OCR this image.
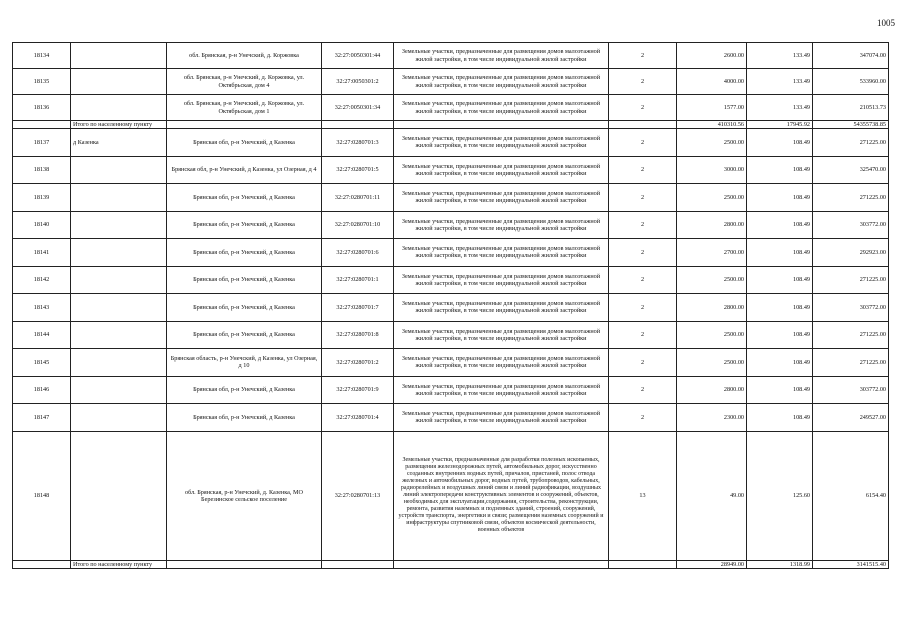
1005
18134		обл. Брянская, р-н Унечский, д. Коржовка	32:27:0050301:44	Земельные участки, предназначенные для размещения домов малоэтажной жилой застройки, в том числе индивидуальной жилой застройки	2	2600.00	133.49	347074.00
18135		обл. Брянская, р-н Унечский, д. Коржовка, ул. Октябрьская, дом 4	32:27:0050301:2	Земельные участки, предназначенные для размещения домов малоэтажной жилой застройки, в том числе индивидуальной жилой застройки	2	4000.00	133.49	533960.00
18136		обл. Брянская, р-н Унечский, д. Коржовка, ул. Октябрьская, дом 1	32:27:0050301:34	Земельные участки, предназначенные для размещения домов малоэтажной жилой застройки, в том числе индивидуальной жилой застройки	2	1577.00	133.49	210513.73
	Итого по населенному пункту					410310.56	17945.92	54355738.85
18137	д Казенка	Брянская обл, р-н Унечский, д Казенка	32:27:0280701:3	Земельные участки, предназначенные для размещения домов малоэтажной жилой застройки, в том числе индивидуальной жилой застройки	2	2500.00	108.49	271225.00
18138		Брянская обл, р-н Унечский, д Казенка, ул Озерная, д 4	32:27:0280701:5	Земельные участки, предназначенные для размещения домов малоэтажной жилой застройки, в том числе индивидуальной жилой застройки	2	3000.00	108.49	325470.00
18139		Брянская обл, р-н Унечский, д Казенка	32:27:0280701:11	Земельные участки, предназначенные для размещения домов малоэтажной жилой застройки, в том числе индивидуальной жилой застройки	2	2500.00	108.49	271225.00
18140		Брянская обл, р-н Унечский, д Казенка	32:27:0280701:10	Земельные участки, предназначенные для размещения домов малоэтажной жилой застройки, в том числе индивидуальной жилой застройки	2	2800.00	108.49	303772.00
18141		Брянская обл, р-н Унечский, д Казенка	32:27:0280701:6	Земельные участки, предназначенные для размещения домов малоэтажной жилой застройки, в том числе индивидуальной жилой застройки	2	2700.00	108.49	292923.00
18142		Брянская обл, р-н Унечский, д Казенка	32:27:0280701:1	Земельные участки, предназначенные для размещения домов малоэтажной жилой застройки, в том числе индивидуальной жилой застройки	2	2500.00	108.49	271225.00
18143		Брянская обл, р-н Унечский, д Казенка	32:27:0280701:7	Земельные участки, предназначенные для размещения домов малоэтажной жилой застройки, в том числе индивидуальной жилой застройки	2	2800.00	108.49	303772.00
18144		Брянская обл, р-н Унечский, д Казенка	32:27:0280701:8	Земельные участки, предназначенные для размещения домов малоэтажной жилой застройки, в том числе индивидуальной жилой застройки	2	2500.00	108.49	271225.00
18145		Брянская область, р-н Унечский, д Казенка, ул Озерная, д 10	32:27:0280701:2	Земельные участки, предназначенные для размещения домов малоэтажной жилой застройки, в том числе индивидуальной жилой застройки	2	2500.00	108.49	271225.00
18146		Брянская обл, р-н Унечский, д Казенка	32:27:0280701:9	Земельные участки, предназначенные для размещения домов малоэтажной жилой застройки, в том числе индивидуальной жилой застройки	2	2800.00	108.49	303772.00
18147		Брянская обл, р-н Унечский, д Казенка	32:27:0280701:4	Земельные участки, предназначенные для размещения домов малоэтажной жилой застройки, в том числе индивидуальной жилой застройки	2	2300.00	108.49	249527.00
18148		обл. Брянская, р-н Унечский, д. Казенка, МО Березинское сельское поселение	32:27:0280701:13	Земельные участки, предназначенные для разработки полезных ископаемых, размещения железнодорожных путей, автомобильных дорог, искусственно созданных внутренних водных путей, причалов, пристаней, полос отвода железных и автомобильных дорог, водных путей, трубопроводов, кабельных, радиорелейных и воздушных линий связи и линий радиофикации, воздушных линий электропередачи конструктивных элементов и сооружений, объектов, необходимых для эксплуатации,содержания, строительства, реконструкции, ремонта, развития наземных и подземных зданий, строений, сооружений, устройств транспорта, энергетики и связи; размещения наземных сооружений и инфраструктуры спутниковой связи, объектов космической деятельности, военных объектов	13	49.00	125.60	6154.40
	Итого по населенному пункту					28949.00	1318.99	3141515.40
